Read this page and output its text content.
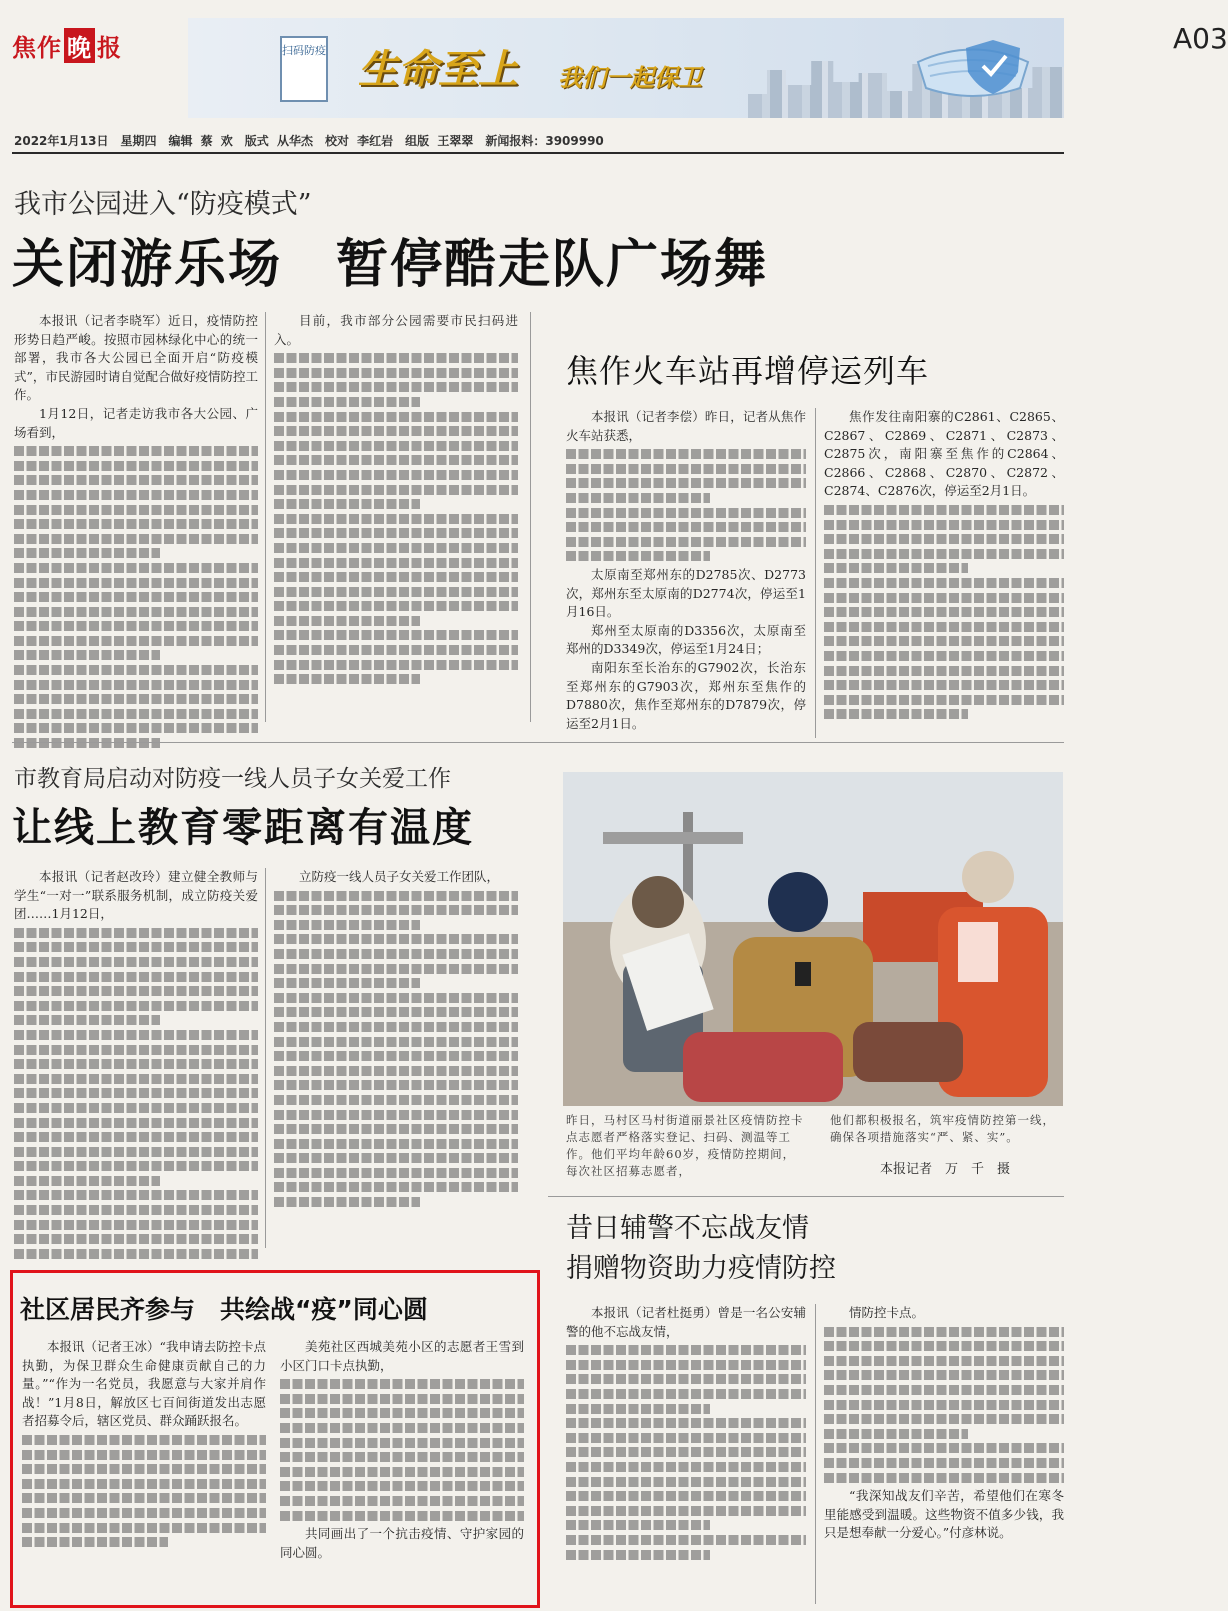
焦作 晚 报	扫码防疫 生命至上 我们一起保卫
A03
2022年1月13日　星期四　编辑 蔡 欢　版式 从华杰　校对 李红岩　组版 王翠翠　新闻报料：3909990
我市公园进入“防疫模式”
关闭游乐场　暂停酷走队广场舞

本报讯（记者李晓军）近日，疫情防控形势日趋严峻。按照市园林绿化中心的统一部署，我市各大公园已全面开启“防疫模式”，市民游园时请自觉配合做好疫情防控工作。

1月12日，记者走访我市各大公园、广场看到，

目前，我市部分公园需要市民扫码进入。

焦作火车站再增停运列车

本报讯（记者李偿）昨日，记者从焦作火车站获悉，

太原南至郑州东的D2785次、D2773次，郑州东至太原南的D2774次，停运至1月16日。

郑州至太原南的D3356次，太原南至郑州的D3349次，停运至1月24日；

南阳东至长治东的G7902次，长治东至郑州东的G7903次，郑州东至焦作的D7880次，焦作至郑州东的D7879次，停运至2月1日。

焦作发往南阳寨的C2861、C2865、C2867、C2869、C2871、C2873、C2875次，南阳寨至焦作的C2864、C2866、C2868、C2870、C2872、C2874、C2876次，停运至2月1日。

市教育局启动对防疫一线人员子女关爱工作
让线上教育零距离有温度

本报讯（记者赵改玲）建立健全教师与学生“一对一”联系服务机制，成立防疫关爱团……1月12日，

立防疫一线人员子女关爱工作团队，

昨日，马村区马村街道丽景社区疫情防控卡点志愿者严格落实登记、扫码、测温等工作。他们平均年龄60岁，疫情防控期间，每次社区招募志愿者，
他们都积极报名，筑牢疫情防控第一线，确保各项措施落实“严、紧、实”。
本报记者　万　千　摄
昔日辅警不忘战友情
捐赠物资助力疫情防控

本报讯（记者杜挺勇）曾是一名公安辅警的他不忘战友情，

情防控卡点。

“我深知战友们辛苦，希望他们在寒冬里能感受到温暖。这些物资不值多少钱，我只是想奉献一分爱心。”付彦林说。

社区居民齐参与　共绘战“疫”同心圆

本报讯（记者王冰）“我申请去防控卡点执勤，为保卫群众生命健康贡献自己的力量。”“作为一名党员，我愿意与大家并肩作战！”1月8日，解放区七百间街道发出志愿者招募令后，辖区党员、群众踊跃报名。

美苑社区西城美苑小区的志愿者王雪到小区门口卡点执勤，

共同画出了一个抗击疫情、守护家园的同心圆。
